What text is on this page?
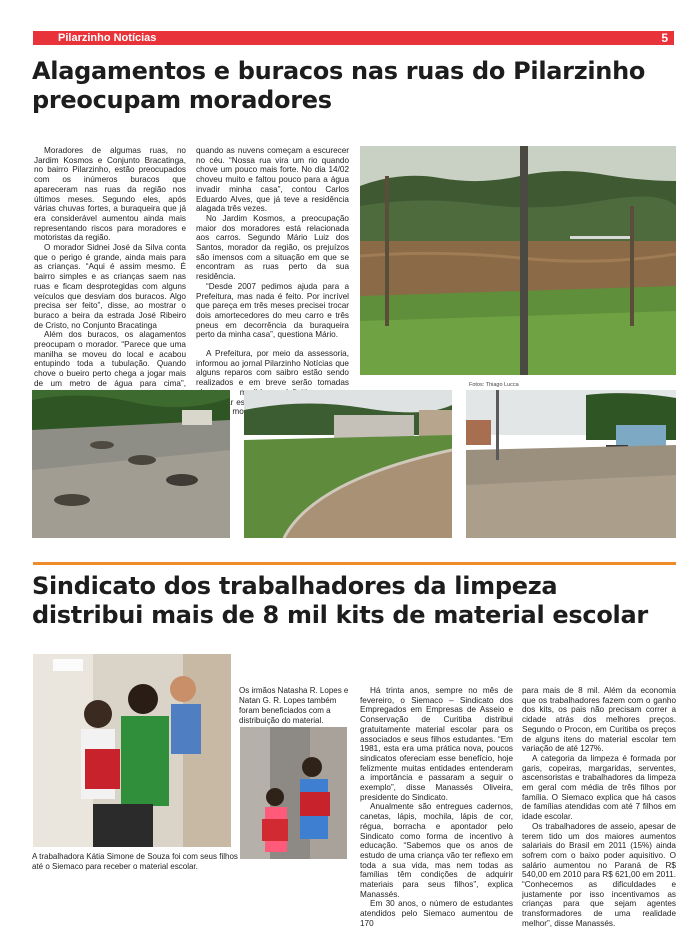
Pilarzinho Notícias	5
Alagamentos e buracos nas ruas do Pilarzinho preocupam moradores

Moradores de algumas ruas, no Jardim Kosmos e Conjunto Bracatinga, no bairro Pilarzinho, estão preocupados com os inúmeros buracos que apareceram nas ruas da região nos últimos meses. Segundo eles, após várias chuvas fortes, a buraqueira que já era considerável aumentou ainda mais representando riscos para moradores e motoristas da região.

O morador Sidnei José da Silva conta que o perigo é grande, ainda mais para as crianças. “Aqui é assim mesmo. É bairro simples e as crianças saem nas ruas e ficam desprotegidas com alguns veículos que desviam dos buracos. Algo precisa ser feito”, disse, ao mostrar o buraco a beira da estrada José Ribeiro de Cristo, no Conjunto Bracatinga

Além dos buracos, os alagamentos preocupam o morador. “Parece que uma manilha se moveu do local e acabou entupindo toda a tubulação. Quando chove o bueiro perto chega a jogar mais de um metro de água para cima”,

quando as nuvens começam a escurecer no céu. “Nossa rua vira um rio quando chove um pouco mais forte. No dia 14/02 choveu muito e faltou pouco para a água invadir minha casa”, contou Carlos Eduardo Alves, que já teve a residência alagada três vezes.

No Jardim Kosmos, a preocupação maior dos moradores está relacionada aos carros. Segundo Mário Luiz dos Santos, morador da região, os prejuízos são imensos com a situação em que se encontram as ruas perto da sua residência.

“Desde 2007 pedimos ajuda para a Prefeitura, mas nada é feito. Por incrível que pareça em três meses precisei trocar dois amortecedores do meu carro e três pneus em decorrência da buraqueira perto da minha casa”, questiona Mário.

A Prefeitura, por meio da assessoria, informou ao jornal Pilarzinho Notícias que alguns reparos com saibro estão sendo realizados e em breve serão tomadas	Fotos: Thiago Lucca
Sindicato dos trabalhadores da limpeza distribui mais de 8 mil kits de material escolar
A trabalhadora Kátia Simone de Souza foi com seus filhos até o Siemaco para receber o material escolar.
Os irmãos Natasha R. Lopes e Natan G. R. Lopes também foram beneficiados com a distribuição do material.

Há trinta anos, sempre no mês de fevereiro, o Siemaco – Sindicato dos Empregados em Empresas de Asseio e Conservação de Curitiba distribui gratuitamente material escolar para os associados e seus filhos estudantes. “Em 1981, esta era uma prática nova, poucos sindicatos ofereciam esse benefício, hoje felizmente muitas entidades entenderam a importância e passaram a seguir o exemplo”, disse Manassés Oliveira, presidente do Sindicato.

Anualmente são entregues cadernos, canetas, lápis, mochila, lápis de cor, régua, borracha e apontador pelo Sindicato como forma de incentivo à educação. “Sabemos que os anos de estudo de uma criança vão ter reflexo em toda a sua vida, mas nem todas as famílias têm condições de adquirir materiais para seus filhos”, explica Manassés.

Em 30 anos, o número de estudantes atendidos pelo Siemaco aumentou de 170

para mais de 8 mil. Além da economia que os trabalhadores fazem com o ganho dos kits, os pais não precisam correr a cidade atrás dos melhores preços. Segundo o Procon, em Curitiba os preços de alguns itens do material escolar tem variação de até 127%.

A categoria da limpeza é formada por garis, copeiras, margaridas, serventes, ascensoristas e trabalhadores da limpeza em geral com média de três filhos por família. O Siemaco explica que há casos de famílias atendidas com até 7 filhos em idade escolar.

Os trabalhadores de asseio, apesar de terem tido um dos maiores aumentos salariais do Brasil em 2011 (15%) ainda sofrem com o baixo poder aquisitivo. O salário aumentou no Paraná de R$ 540,00 em 2010 para R$ 621,00 em 2011. “Conhecemos as dificuldades e justamente por isso incentivamos as crianças para que sejam agentes transformadores de uma realidade melhor”, disse Manassés.
